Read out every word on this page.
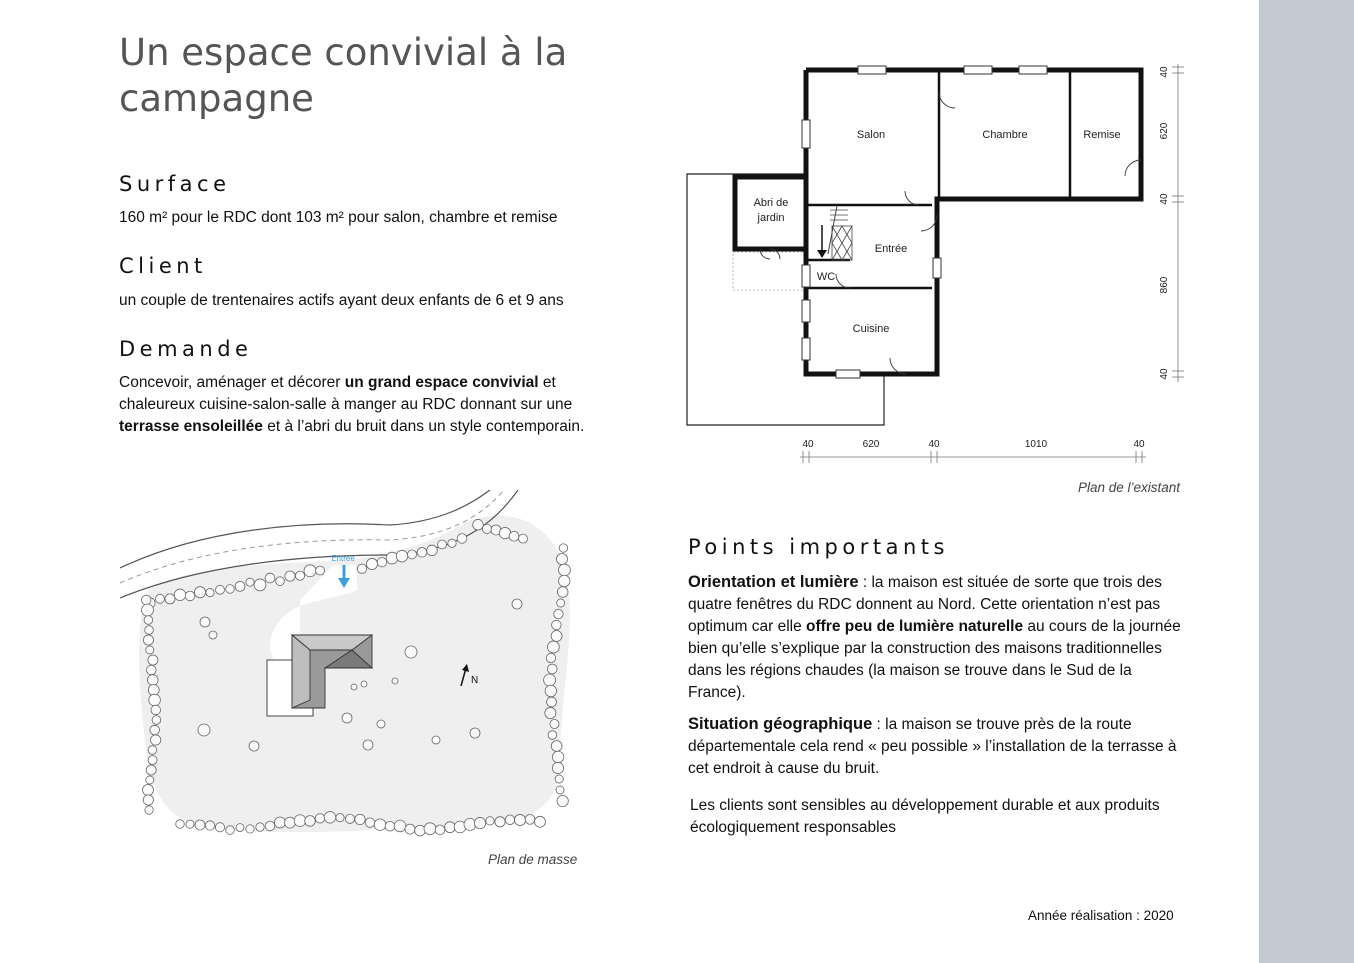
Un espace convivial à la campagne
Surface

160 m² pour le RDC dont 103 m² pour salon, chambre et remise

Client

un couple de trentenaires actifs ayant deux enfants de 6 et 9 ans

Demande

Concevoir, aménager et décorer un grand espace convivial et chaleureux cuisine-salon-salle à manger au RDC donnant sur une terrasse ensoleillée et à l’abri du bruit dans un style contemporain.

Salon	Chambre	Remise
Abri de
jardin
Entrée
WC
Cuisine
40
620
40
860
40
40	620	40	1010	40

Plan de l’existant

Entrée
N

Plan de masse

Points importants

Orientation et lumière : la maison est située de sorte que trois des quatre fenêtres du RDC donnent au Nord. Cette orientation n’est pas optimum car elle offre peu de lumière naturelle au cours de la journée bien qu’elle s’explique par la construction des maisons traditionnelles dans les régions chaudes (la maison se trouve dans le Sud de la France).

Situation géographique : la maison se trouve près de la route départementale cela rend « peu possible » l’installation de la terrasse à cet endroit à cause du bruit.

Les clients sont sensibles au développement durable et aux produits écologiquement responsables

Année réalisation : 2020
